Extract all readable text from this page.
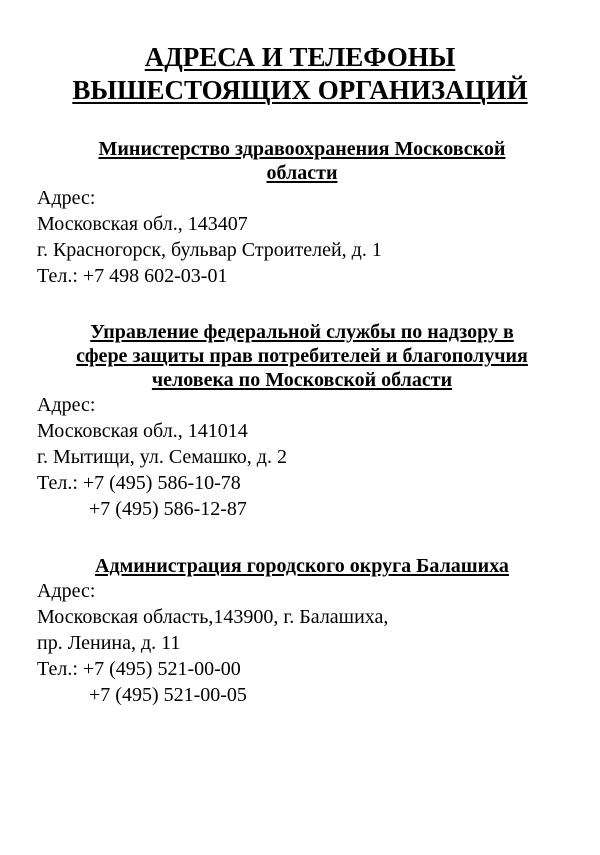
АДРЕСА И ТЕЛЕФОНЫ
ВЫШЕСТОЯЩИХ ОРГАНИЗАЦИЙ
Министерство здравоохранения Московской
области
Адрес:
Московская обл., 143407
г. Красногорск, бульвар Строителей, д. 1
Тел.: +7 498 602-03-01
Управление федеральной службы по надзору в
сфере защиты прав потребителей и благополучия
человека по Московской области
Адрес:
Московская обл., 141014
г. Мытищи, ул. Семашко, д. 2
Тел.: +7 (495) 586-10-78
+7 (495) 586-12-87
Администрация городского округа Балашиха
Адрес:
Московская область,143900, г. Балашиха,
пр. Ленина, д. 11
Тел.: +7 (495) 521-00-00
+7 (495) 521-00-05
